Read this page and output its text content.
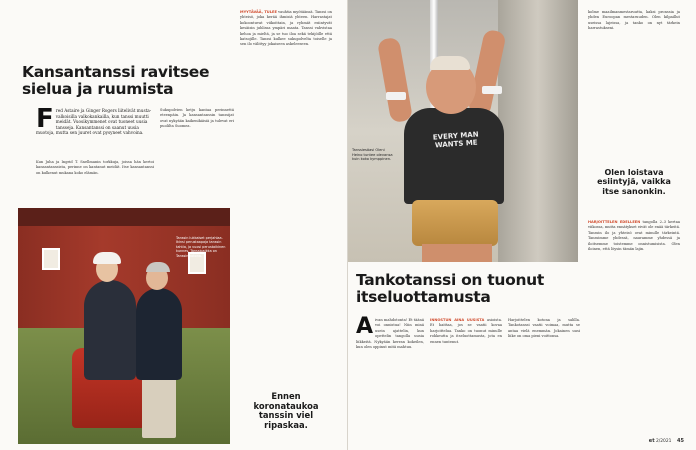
Kansantanssi ravitsee sielua ja ruumista
F red Astaire ja Ginger Rogers liitelivät musta-valkoisilla valkokankailla, kun tanssi muutti meidät. Vuosikymmenet ovat tuoneet uusia tansseja. Kansantanssi on saanut uusia muotoja, mutta sen juuret ovat pysyneet vahvoina.

Kun Juha ja Ingrid T. Snellmanin torkkuja, joissa hän kertoi kansantanssista, perinne on kantanut meidät. Itse kansantanssi on kulkenut mukana koko elämän.

Sukupolvien ketju kantaa perinnettä eteenpäin. Ja kansantanssin tanssijat ovat nykyään kaikenikäisiä ja tulevat eri puolilta Suomea.

MYYTÄVÄÄ, TULEE vauhtia myötäänsä. Tanssi on yhteisö, joka kerää ihmisiä yhteen. Harrastajat kokoontuvat viikoittain, ja ryhmät esiintyvät kesäisin juhlissa ympäri maata. Tanssi vahvistaa kehoa ja mieltä, ja se tuo iloa sekä tekijöille että katsojille. Tanssi kulkee sukupolvelta toiselle ja sen ilo välittyy jokaiseen askeleeseen.

Tanssin lukkaiset perjahlaa. Ikinsi perustaapaja tanssin tahtia, ja vuosi perustaikinen kunnes. Tanssipaikka on Tanssin kotona.

Ennen koronataukoa tanssin viel ripaskaa.

EVERY MAN WANTS ME

Tanssiesäasi Oleni Heino tuntee olevansa kuin koko kymppinen.

Tankotanssi on tuonut itseluottamusta
A ivan mahdotonta! Et täänä voi onnistua! Niin minä usein ajattelin, kun opettelin tangolla uusia liikkeitä. Nykyään kerran kokeilen, kun olen oppinut mitä mahtuu.

INNOSTUN AINA UUSISTA asioista. Et haittaa, jos se vaatii kovaa harjoittelua. Tanko on tuonut minulle rohkeutta ja itseluottamusta, jota en ennen tuntenut.

Harjoittelen kotona ja salilla. Tankotanssi vaatii voimaa, mutta se antaa vielä enemmän. Jokainen uusi liike on oma pieni voittonsa.

kolme maailmanmestaruutta, kaksi pronssia ja yhden Euroopan mestaruuden. Olen kilpaillut useissa lajeissa, ja tanko on nyt tärkein harrastukseni.

Olen loistava esiintyjä, vaikka itse sanonkin.

HARJOITTELEN EDELLEEN tangolla 2–3 kertaa viikossa, mutta ennätykset eivät ole enää tärkeitä. Tanssin ilo ja yhteisö ovat minulle tärkeintä. Tanssimme yhdessä, nauramme yhdessä ja iloitsemme toistemme onnistumisista. Olen iloinen, että löysin tämän lajin.

et 2/2021 45
